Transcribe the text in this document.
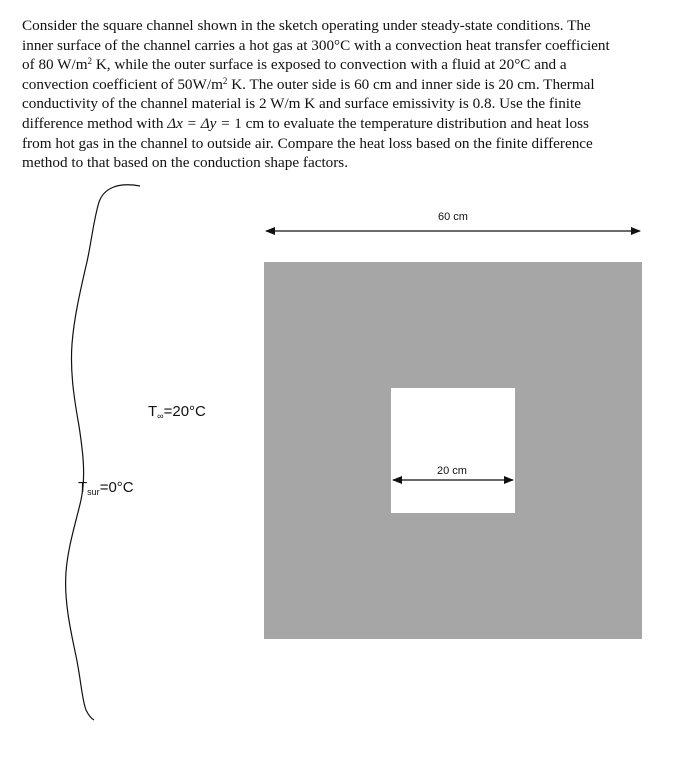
Consider the square channel shown in the sketch operating under steady-state conditions. The

inner surface of the channel carries a hot gas at 300°C with a convection heat transfer coefficient

of 80 $W/m^2$ K, while the outer surface is exposed to convection with a fluid at 20°C and a

convection coefficient of $50W/m^2$ K. The outer side is 60 cm and inner side is 20 cm. Thermal

conductivity of the channel material is 2 W/m K and surface emissivity is 0.8. Use the finite

difference method with Δx = Δy = 1 cm to evaluate the temperature distribution and heat loss

from hot gas in the channel to outside air. Compare the heat loss based on the finite difference

method to that based on the conduction shape factors.

60 cm
20 cm
$T_\infty=20^\circ C$
$T_{sur}=0^\circ C$
